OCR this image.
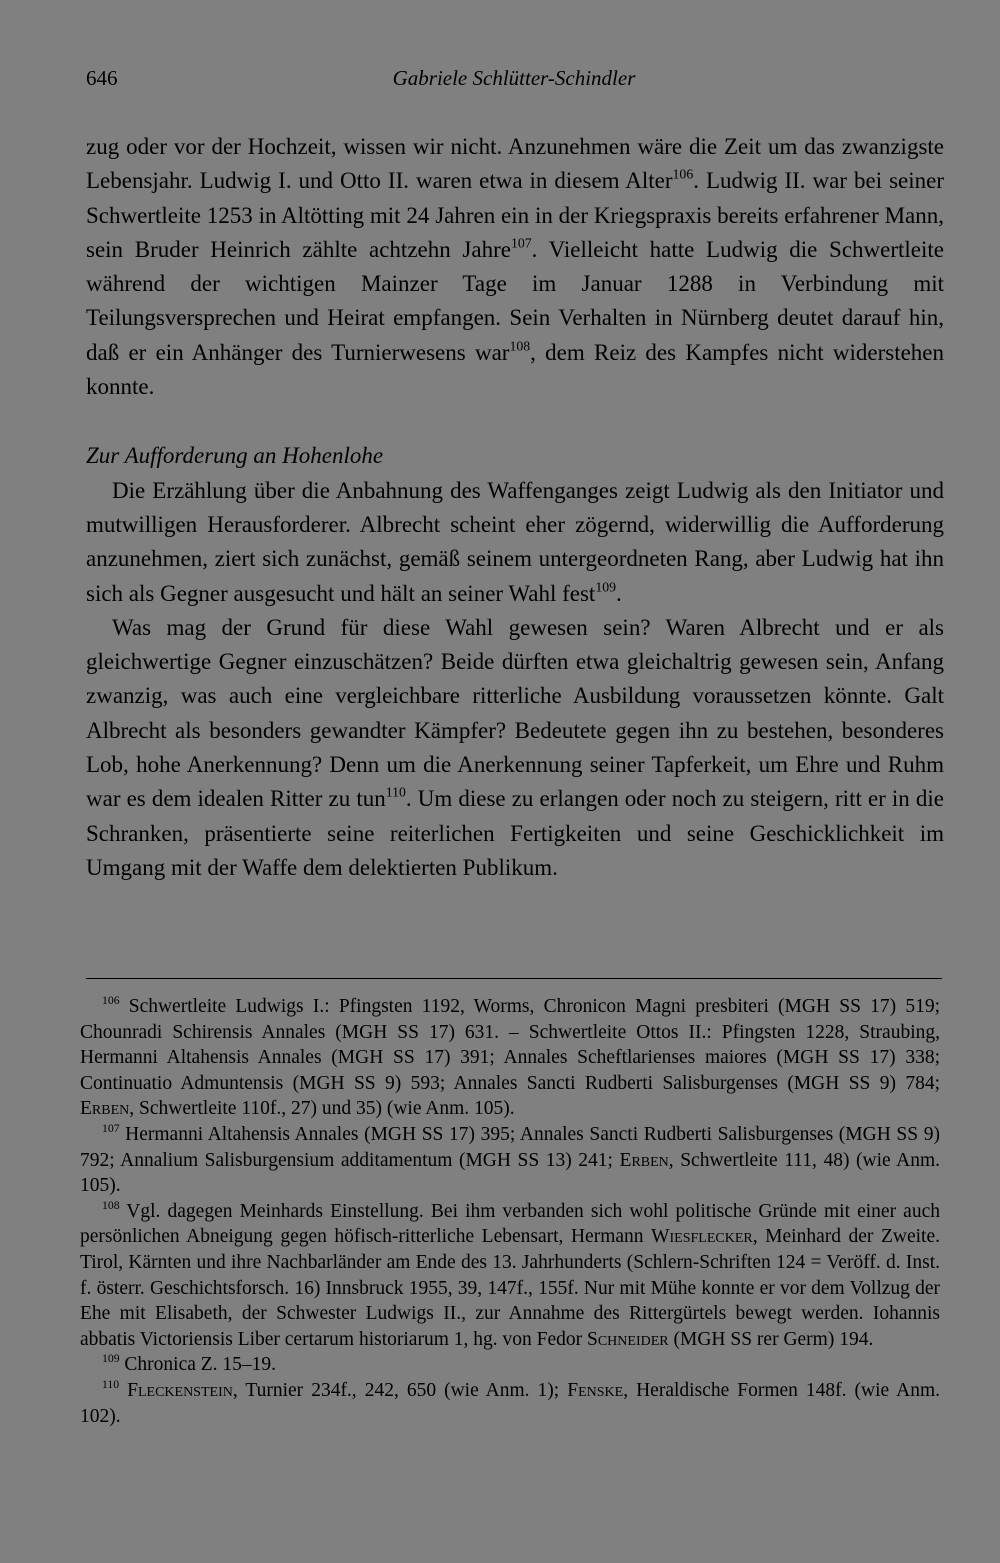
646	Gabriele Schlütter-Schindler

zug oder vor der Hochzeit, wissen wir nicht. Anzunehmen wäre die Zeit um das zwanzigste Lebensjahr. Ludwig I. und Otto II. waren etwa in diesem Alter$^{106}$. Ludwig II. war bei seiner Schwertleite 1253 in Altötting mit 24 Jahren ein in der Kriegspraxis bereits erfahrener Mann, sein Bruder Heinrich zählte achtzehn Jahre$^{107}$. Vielleicht hatte Ludwig die Schwertleite während der wichtigen Mainzer Tage im Januar 1288 in Verbindung mit Teilungsversprechen und Heirat empfangen. Sein Verhalten in Nürnberg deutet darauf hin, daß er ein Anhänger des Turnierwesens war$^{108}$, dem Reiz des Kampfes nicht widerstehen konnte.

Zur Aufforderung an Hohenlohe

Die Erzählung über die Anbahnung des Waffenganges zeigt Ludwig als den Initiator und mutwilligen Herausforderer. Albrecht scheint eher zögernd, widerwillig die Aufforderung anzunehmen, ziert sich zunächst, gemäß seinem untergeordneten Rang, aber Ludwig hat ihn sich als Gegner ausgesucht und hält an seiner Wahl fest$^{109}$.

Was mag der Grund für diese Wahl gewesen sein? Waren Albrecht und er als gleichwertige Gegner einzuschätzen? Beide dürften etwa gleichaltrig gewesen sein, Anfang zwanzig, was auch eine vergleichbare ritterliche Ausbildung voraussetzen könnte. Galt Albrecht als besonders gewandter Kämpfer? Bedeutete gegen ihn zu bestehen, besonderes Lob, hohe Anerkennung? Denn um die Anerkennung seiner Tapferkeit, um Ehre und Ruhm war es dem idealen Ritter zu tun$^{110}$. Um diese zu erlangen oder noch zu steigern, ritt er in die Schranken, präsentierte seine reiterlichen Fertigkeiten und seine Geschicklichkeit im Umgang mit der Waffe dem delektierten Publikum.

$^{106}$ Schwertleite Ludwigs I.: Pfingsten 1192, Worms, Chronicon Magni presbiteri (MGH SS 17) 519; Chounradi Schirensis Annales (MGH SS 17) 631. – Schwertleite Ottos II.: Pfingsten 1228, Straubing, Hermanni Altahensis Annales (MGH SS 17) 391; Annales Scheftlarienses maiores (MGH SS 17) 338; Continuatio Admuntensis (MGH SS 9) 593; Annales Sancti Rudberti Salisburgenses (MGH SS 9) 784; Erben, Schwertleite 110f., 27) und 35) (wie Anm. 105).

$^{107}$ Hermanni Altahensis Annales (MGH SS 17) 395; Annales Sancti Rudberti Salisburgenses (MGH SS 9) 792; Annalium Salisburgensium additamentum (MGH SS 13) 241; Erben, Schwertleite 111, 48) (wie Anm. 105).

$^{108}$ Vgl. dagegen Meinhards Einstellung. Bei ihm verbanden sich wohl politische Gründe mit einer auch persönlichen Abneigung gegen höfisch-ritterliche Lebensart, Hermann Wiesflecker, Meinhard der Zweite. Tirol, Kärnten und ihre Nachbarländer am Ende des 13. Jahrhunderts (Schlern-Schriften 124 = Veröff. d. Inst. f. österr. Geschichtsforsch. 16) Innsbruck 1955, 39, 147f., 155f. Nur mit Mühe konnte er vor dem Vollzug der Ehe mit Elisabeth, der Schwester Ludwigs II., zur Annahme des Rittergürtels bewegt werden. Iohannis abbatis Victoriensis Liber certarum historiarum 1, hg. von Fedor Schneider (MGH SS rer Germ) 194.

$^{109}$ Chronica Z. 15–19.

$^{110}$ Fleckenstein, Turnier 234f., 242, 650 (wie Anm. 1); Fenske, Heraldische Formen 148f. (wie Anm. 102).
